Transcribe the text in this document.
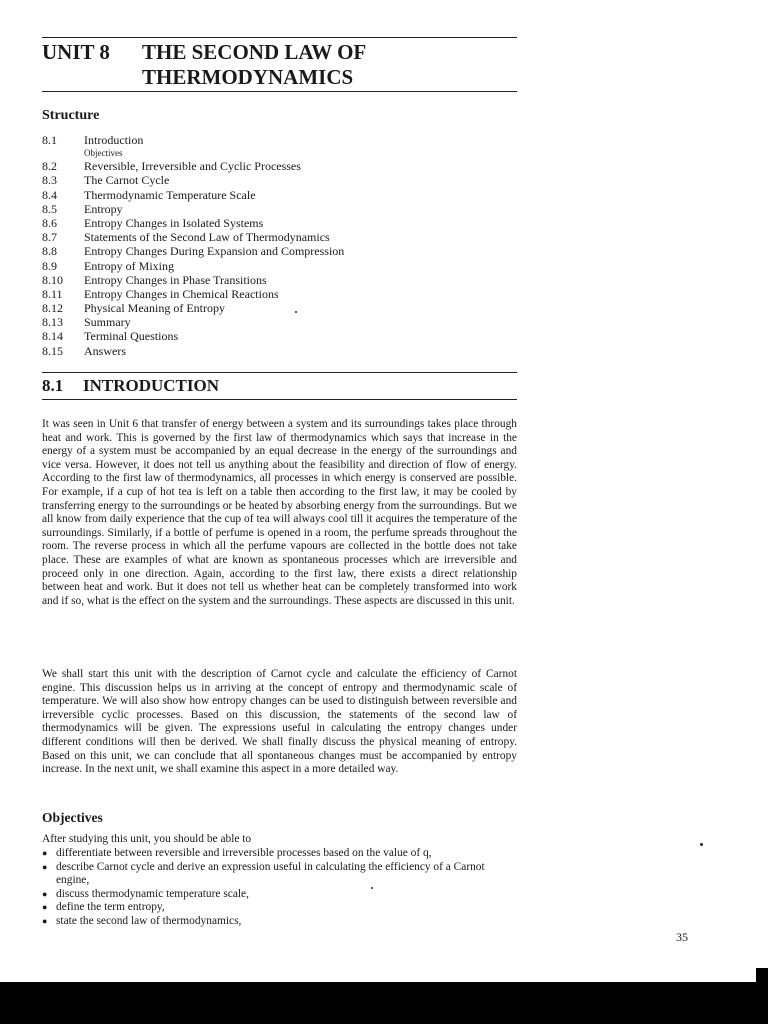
UNIT 8 THE SECOND LAW OF
THERMODYNAMICS
Structure
8.1 Introduction
Objectives
8.2 Reversible, Irreversible and Cyclic Processes
8.3 The Carnot Cycle
8.4 Thermodynamic Temperature Scale
8.5 Entropy
8.6 Entropy Changes in Isolated Systems
8.7 Statements of the Second Law of Thermodynamics
8.8 Entropy Changes During Expansion and Compression
8.9 Entropy of Mixing
8.10 Entropy Changes in Phase Transitions
8.11 Entropy Changes in Chemical Reactions
8.12 Physical Meaning of Entropy
8.13 Summary
8.14 Terminal Questions
8.15 Answers
8.1 INTRODUCTION

It was seen in Unit 6 that transfer of energy between a system and its surroundings takes place through heat and work. This is governed by the first law of thermodynamics which says that increase in the energy of a system must be accompanied by an equal decrease in the energy of the surroundings and vice versa. However, it does not tell us anything about the feasibility and direction of flow of energy. According to the first law of thermodynamics, all processes in which energy is conserved are possible. For example, if a cup of hot tea is left on a table then according to the first law, it may be cooled by transferring energy to the surroundings or be heated by absorbing energy from the surroundings. But we all know from daily experience that the cup of tea will always cool till it acquires the temperature of the surroundings. Similarly, if a bottle of perfume is opened in a room, the perfume spreads throughout the room. The reverse process in which all the perfume vapours are collected in the bottle does not take place. These are examples of what are known as spontaneous processes which are irreversible and proceed only in one direction. Again, according to the first law, there exists a direct relationship between heat and work. But it does not tell us whether heat can be completely transformed into work and if so, what is the effect on the system and the surroundings. These aspects are discussed in this unit.

We shall start this unit with the description of Carnot cycle and calculate the efficiency of Carnot engine. This discussion helps us in arriving at the concept of entropy and thermodynamic scale of temperature. We will also show how entropy changes can be used to distinguish between reversible and irreversible cyclic processes. Based on this discussion, the statements of the second law of thermodynamics will be given. The expressions useful in calculating the entropy changes under different conditions will then be derived. We shall finally discuss the physical meaning of entropy. Based on this unit, we can conclude that all spontaneous changes must be accompanied by entropy increase. In the next unit, we shall examine this aspect in a more detailed way.

Objectives
After studying this unit, you should be able to
● differentiate between reversible and irreversible processes based on the value of q,
● describe Carnot cycle and derive an expression useful in calculating the efficiency of a Carnot engine,
● discuss thermodynamic temperature scale,
● define the term entropy,
● state the second law of thermodynamics,
35
